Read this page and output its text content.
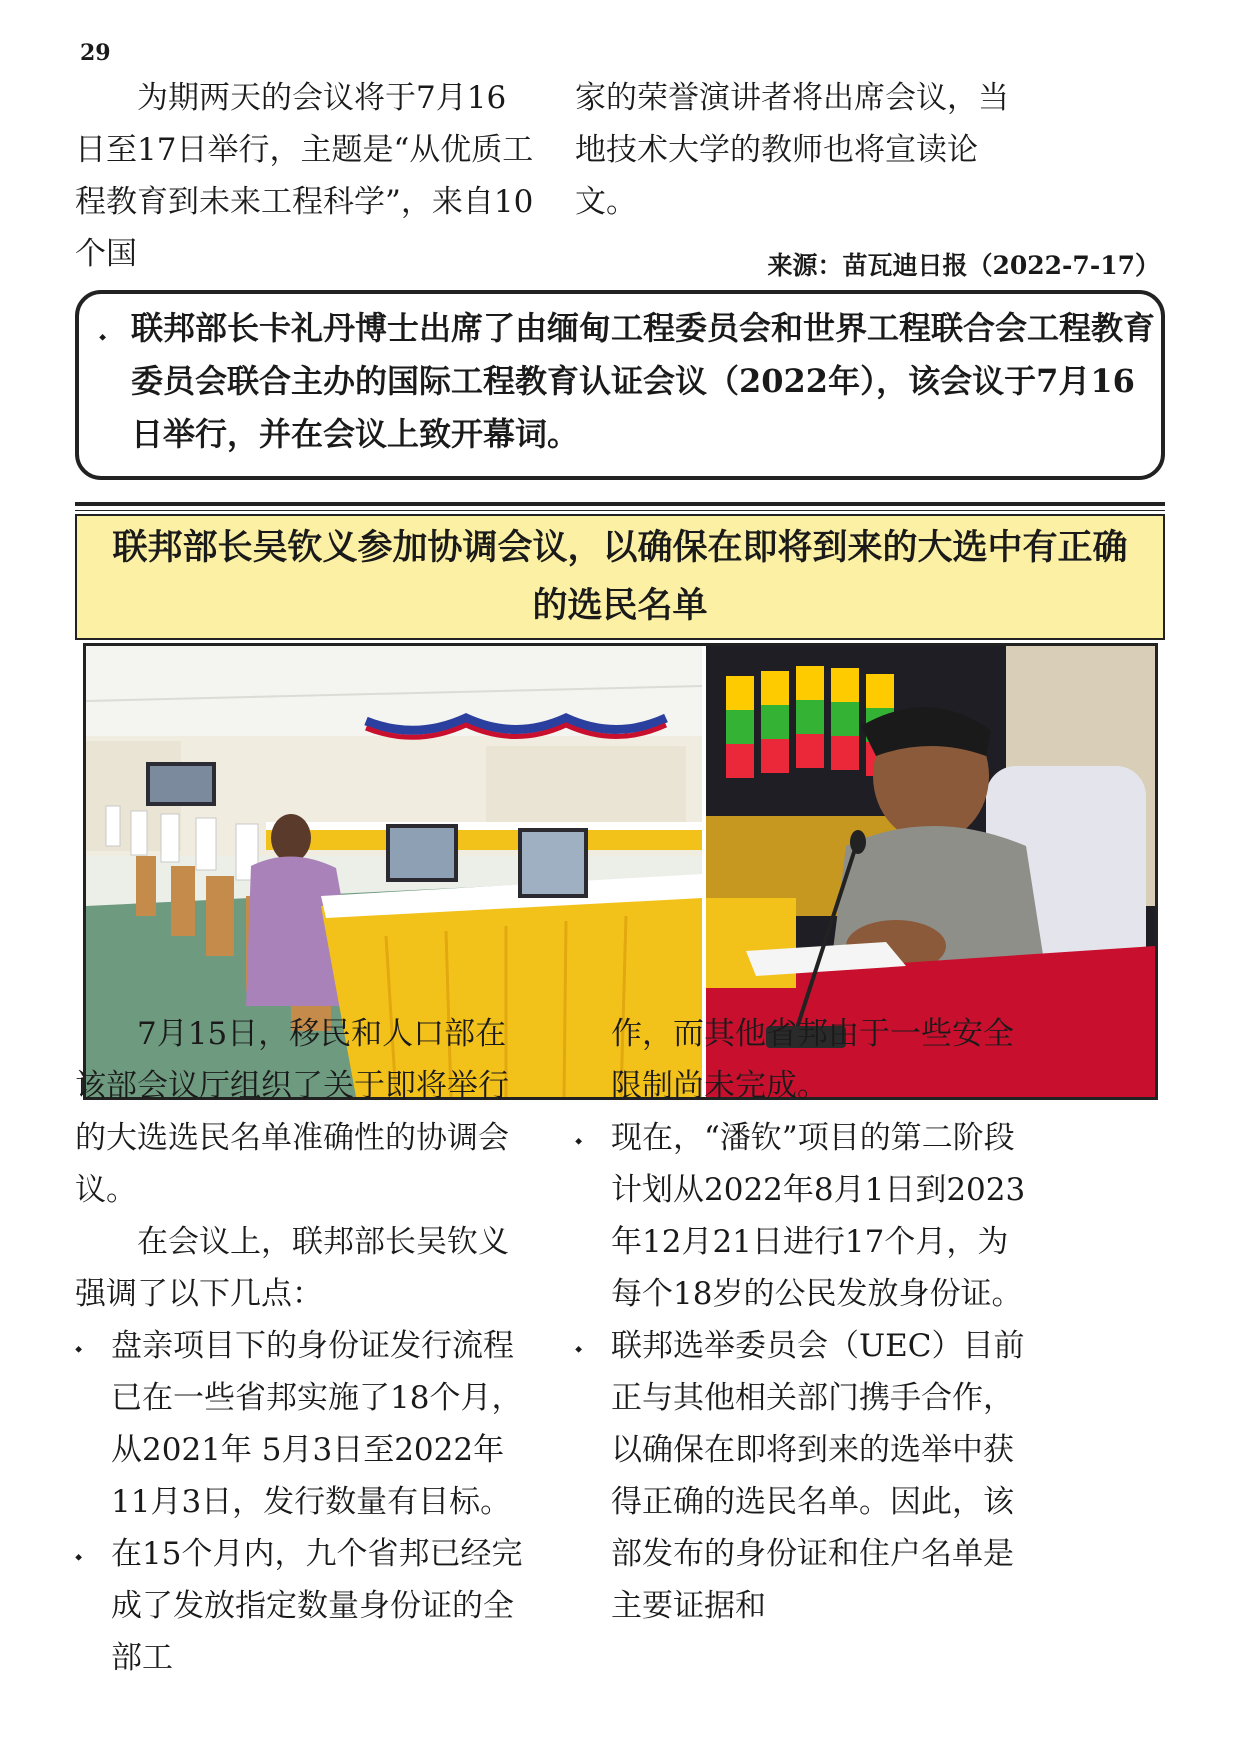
29

为期两天的会议将于7月16日至17日举行，主题是“从优质工程教育到未来工程科学”，来自10个国

家的荣誉演讲者将出席会议，当地技术大学的教师也将宣读论文。

来源：苗瓦迪日报（2022-7-17）
⬩ 联邦部长卡礼丹博士出席了由缅甸工程委员会和世界工程联合会工程教育委员会联合主办的国际工程教育认证会议（2022年），该会议于7月16日举行，并在会议上致开幕词。
联邦部长吴钦义参加协调会议，以确保在即将到来的大选中有正确的选民名单

7月15日，移民和人口部在该部会议厅组织了关于即将举行的大选选民名单准确性的协调会议。

在会议上，联邦部长吴钦义强调了以下几点：

⬩ 盘亲项目下的身份证发行流程已在一些省邦实施了18个月，从2021年 5月3日至2022年11月3日，发行数量有目标。
⬩ 在15个月内，九个省邦已经完成了发放指定数量身份证的全部工

作，而其他省邦由于一些安全限制尚未完成。

⬩ 现在，“潘钦”项目的第二阶段计划从2022年8月1日到2023年12月21日进行17个月，为每个18岁的公民发放身份证。
⬩ 联邦选举委员会（UEC）目前正与其他相关部门携手合作，以确保在即将到来的选举中获得正确的选民名单。因此，该部发布的身份证和住户名单是主要证据和
